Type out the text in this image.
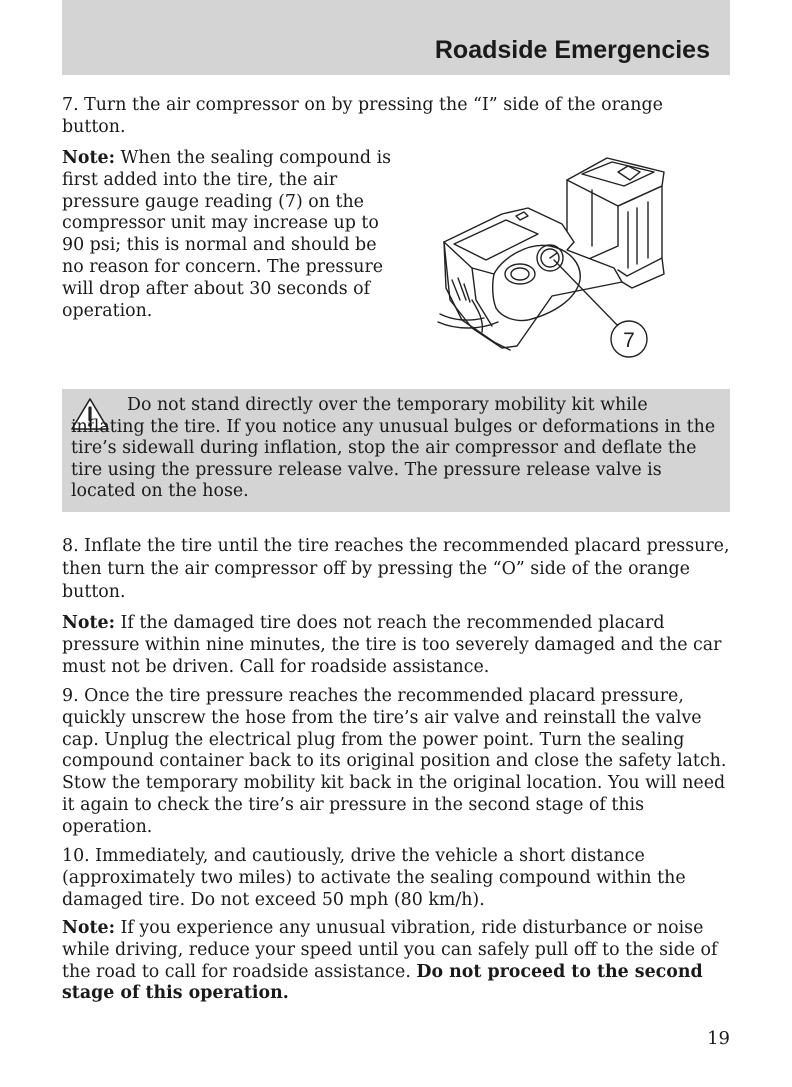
Roadside Emergencies

7. Turn the air compressor on by pressing the “I” side of the orange button.

Note: When the sealing compound is first added into the tire, the air pressure gauge reading (7) on the compressor unit may increase up to 90 psi; this is normal and should be no reason for concern. The pressure will drop after about 30 seconds of operation.

7

Do not stand directly over the temporary mobility kit while inflating the tire. If you notice any unusual bulges or deformations in the tire’s sidewall during inflation, stop the air compressor and deflate the tire using the pressure release valve. The pressure release valve is located on the hose.

8. Inflate the tire until the tire reaches the recommended placard pressure, then turn the air compressor off by pressing the “O” side of the orange button.

Note: If the damaged tire does not reach the recommended placard pressure within nine minutes, the tire is too severely damaged and the car must not be driven. Call for roadside assistance.

9. Once the tire pressure reaches the recommended placard pressure, quickly unscrew the hose from the tire’s air valve and reinstall the valve cap. Unplug the electrical plug from the power point. Turn the sealing compound container back to its original position and close the safety latch. Stow the temporary mobility kit back in the original location. You will need it again to check the tire’s air pressure in the second stage of this operation.

10. Immediately, and cautiously, drive the vehicle a short distance (approximately two miles) to activate the sealing compound within the damaged tire. Do not exceed 50 mph (80 km/h).

Note: If you experience any unusual vibration, ride disturbance or noise while driving, reduce your speed until you can safely pull off to the side of the road to call for roadside assistance. Do not proceed to the second stage of this operation.

19
